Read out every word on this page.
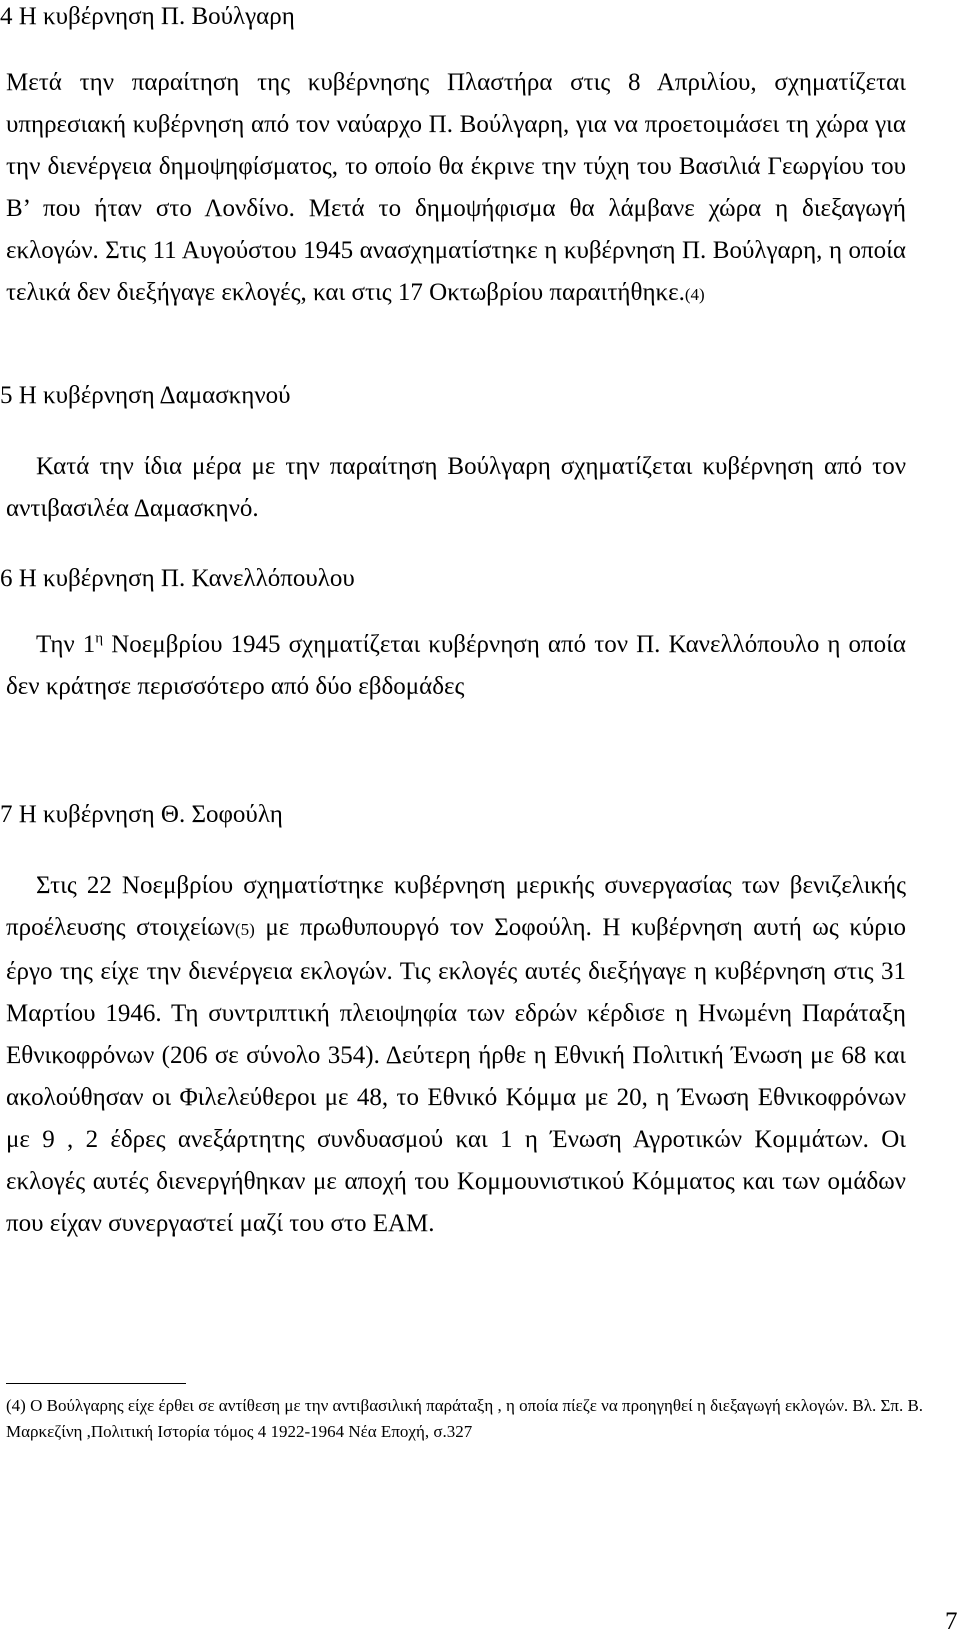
4 Η κυβέρνηση Π. Βούλγαρη

Μετά την παραίτηση της κυβέρνησης Πλαστήρα στις 8 Απριλίου, σχηματίζεται υπηρεσιακή κυβέρνηση από τον ναύαρχο Π. Βούλγαρη, για να προετοιμάσει τη χώρα για την διενέργεια δημοψηφίσματος, το οποίο θα έκρινε την τύχη του Βασιλιά Γεωργίου του Β’ που ήταν στο Λονδίνο. Μετά το δημοψήφισμα θα λάμβανε χώρα η διεξαγωγή εκλογών. Στις 11 Αυγούστου 1945 ανασχηματίστηκε η κυβέρνηση Π. Βούλγαρη, η οποία τελικά δεν διεξήγαγε εκλογές, και στις 17 Οκτωβρίου παραιτήθηκε.(4)

5 Η κυβέρνηση Δαμασκηνού

Κατά την ίδια μέρα με την παραίτηση Βούλγαρη σχηματίζεται κυβέρνηση από τον αντιβασιλέα Δαμασκηνό.

6 Η κυβέρνηση Π. Κανελλόπουλου

Την $1^\eta$ Νοεμβρίου 1945 σχηματίζεται κυβέρνηση από τον Π. Κανελλόπουλο η οποία δεν κράτησε περισσότερο από δύο εβδομάδες

7 Η κυβέρνηση Θ. Σοφούλη

Στις 22 Νοεμβρίου σχηματίστηκε κυβέρνηση μερικής συνεργασίας των βενιζελικής προέλευσης στοιχείων(5) με πρωθυπουργό τον Σοφούλη. Η κυβέρνηση αυτή ως κύριο έργο της είχε την διενέργεια εκλογών. Τις εκλογές αυτές διεξήγαγε η κυβέρνηση στις 31 Μαρτίου 1946. Τη συντριπτική πλειοψηφία των εδρών κέρδισε η Ηνωμένη Παράταξη Εθνικοφρόνων (206 σε σύνολο 354). Δεύτερη ήρθε η Εθνική Πολιτική Ένωση με 68 και ακολούθησαν οι Φιλελεύθεροι με 48, το Εθνικό Κόμμα με 20, η Ένωση Εθνικοφρόνων με 9 , 2 έδρες ανεξάρτητης συνδυασμού και 1 η Ένωση Αγροτικών Κομμάτων. Οι εκλογές αυτές διενεργήθηκαν με αποχή του Κομμουνιστικού Κόμματος και των ομάδων που είχαν συνεργαστεί μαζί του στο ΕΑΜ.

(4) Ο Βούλγαρης είχε έρθει σε αντίθεση με την αντιβασιλική παράταξη , η οποία πίεζε να προηγηθεί η διεξαγωγή εκλογών. Βλ. Σπ. Β. Μαρκεζίνη ,Πολιτική Ιστορία τόμος 4 1922-1964 Νέα Εποχή, σ.327

7
